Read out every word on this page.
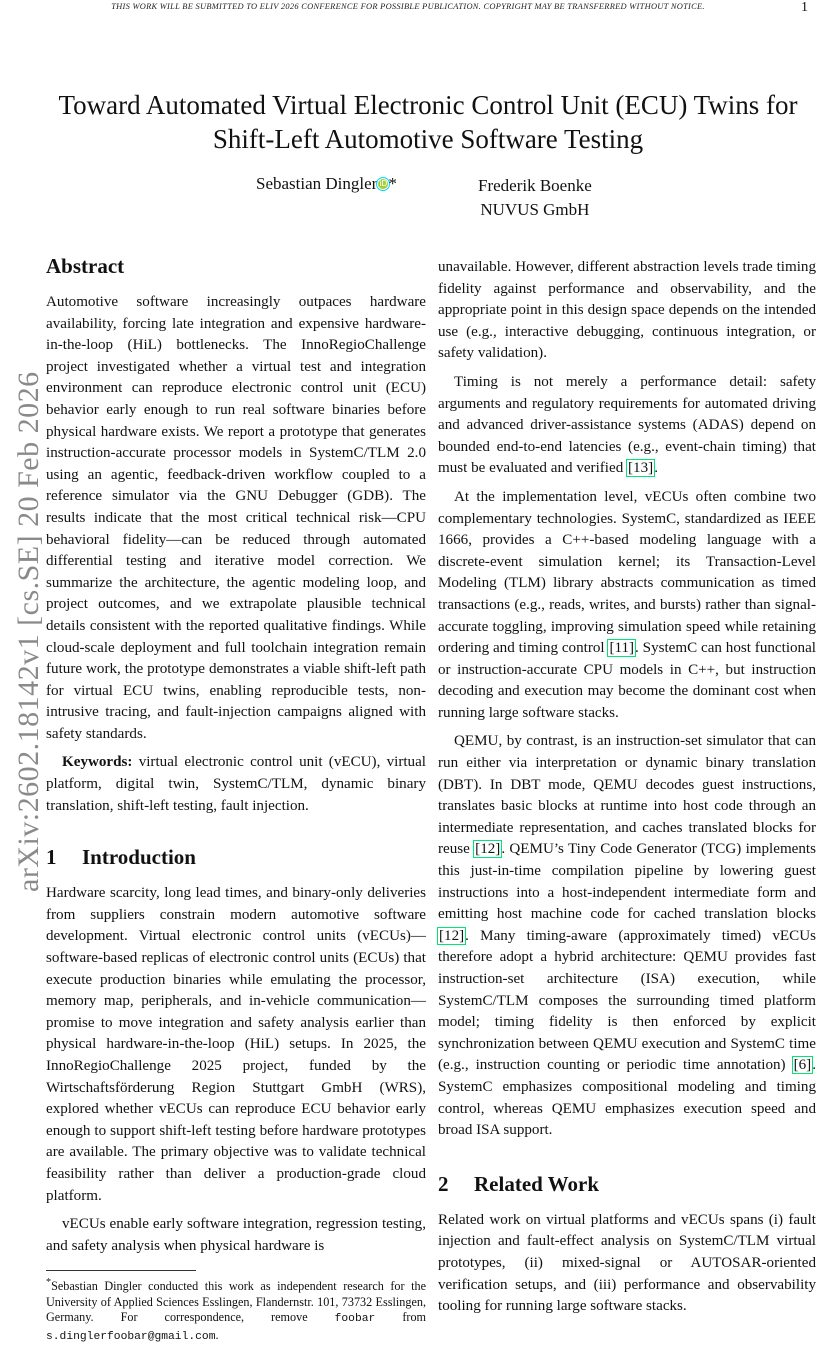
THIS WORK WILL BE SUBMITTED TO ELIV 2026 CONFERENCE FOR POSSIBLE PUBLICATION. COPYRIGHT MAY BE TRANSFERRED WITHOUT NOTICE.	1
arXiv:2602.18142v1 [cs.SE] 20 Feb 2026
Toward Automated Virtual Electronic Control Unit (ECU) Twins for
Shift-Left Automotive Software Testing
Sebastian Dingler iD*	Frederik Boenke
NUVUS GmbH
Abstract

Automotive software increasingly outpaces hardware availability, forcing late integration and expensive hardware-in-the-loop (HiL) bottlenecks. The InnoRegioChallenge project investigated whether a virtual test and integration environment can reproduce electronic control unit (ECU) behavior early enough to run real software binaries before physical hardware exists. We report a prototype that generates instruction-accurate processor models in SystemC/TLM 2.0 using an agentic, feedback-driven workflow coupled to a reference simulator via the GNU Debugger (GDB). The results indicate that the most critical technical risk—CPU behavioral fidelity—can be reduced through automated differential testing and iterative model correction. We summarize the architecture, the agentic modeling loop, and project outcomes, and we extrapolate plausible technical details consistent with the reported qualitative findings. While cloud-scale deployment and full toolchain integration remain future work, the prototype demonstrates a viable shift-left path for virtual ECU twins, enabling reproducible tests, non-intrusive tracing, and fault-injection campaigns aligned with safety standards.

Keywords: virtual electronic control unit (vECU), virtual platform, digital twin, SystemC/TLM, dynamic binary translation, shift-left testing, fault injection.

1 Introduction

Hardware scarcity, long lead times, and binary-only deliveries from suppliers constrain modern automotive software development. Virtual electronic control units (vECUs)—software-based replicas of electronic control units (ECUs) that execute production binaries while emulating the processor, memory map, peripherals, and in-vehicle communication—promise to move integration and safety analysis earlier than physical hardware-in-the-loop (HiL) setups. In 2025, the InnoRegioChallenge 2025 project, funded by the Wirtschaftsförderung Region Stuttgart GmbH (WRS), explored whether vECUs can reproduce ECU behavior early enough to support shift-left testing before hardware prototypes are available. The primary objective was to validate technical feasibility rather than deliver a production-grade cloud platform.

vECUs enable early software integration, regression testing, and safety analysis when physical hardware is

*Sebastian Dingler conducted this work as independent research for the University of Applied Sciences Esslingen, Flandernstr. 101, 73732 Esslingen, Germany. For correspondence, remove foobar from s.dinglerfoobar@gmail.com.

unavailable. However, different abstraction levels trade timing fidelity against performance and observability, and the appropriate point in this design space depends on the intended use (e.g., interactive debugging, continuous integration, or safety validation).

Timing is not merely a performance detail: safety arguments and regulatory requirements for automated driving and advanced driver-assistance systems (ADAS) depend on bounded end-to-end latencies (e.g., event-chain timing) that must be evaluated and verified [13].

At the implementation level, vECUs often combine two complementary technologies. SystemC, standardized as IEEE 1666, provides a C++-based modeling language with a discrete-event simulation kernel; its Transaction-Level Modeling (TLM) library abstracts communication as timed transactions (e.g., reads, writes, and bursts) rather than signal-accurate toggling, improving simulation speed while retaining ordering and timing control [11]. SystemC can host functional or instruction-accurate CPU models in C++, but instruction decoding and execution may become the dominant cost when running large software stacks.

QEMU, by contrast, is an instruction-set simulator that can run either via interpretation or dynamic binary translation (DBT). In DBT mode, QEMU decodes guest instructions, translates basic blocks at runtime into host code through an intermediate representation, and caches translated blocks for reuse [12]. QEMU’s Tiny Code Generator (TCG) implements this just-in-time compilation pipeline by lowering guest instructions into a host-independent intermediate form and emitting host machine code for cached translation blocks [12]. Many timing-aware (approximately timed) vECUs therefore adopt a hybrid architecture: QEMU provides fast instruction-set architecture (ISA) execution, while SystemC/TLM composes the surrounding timed platform model; timing fidelity is then enforced by explicit synchronization between QEMU execution and SystemC time (e.g., instruction counting or periodic time annotation) [6]. SystemC emphasizes compositional modeling and timing control, whereas QEMU emphasizes execution speed and broad ISA support.

2 Related Work

Related work on virtual platforms and vECUs spans (i) fault injection and fault-effect analysis on SystemC/TLM virtual prototypes, (ii) mixed-signal or AUTOSAR-oriented verification setups, and (iii) performance and observability tooling for running large software stacks.
